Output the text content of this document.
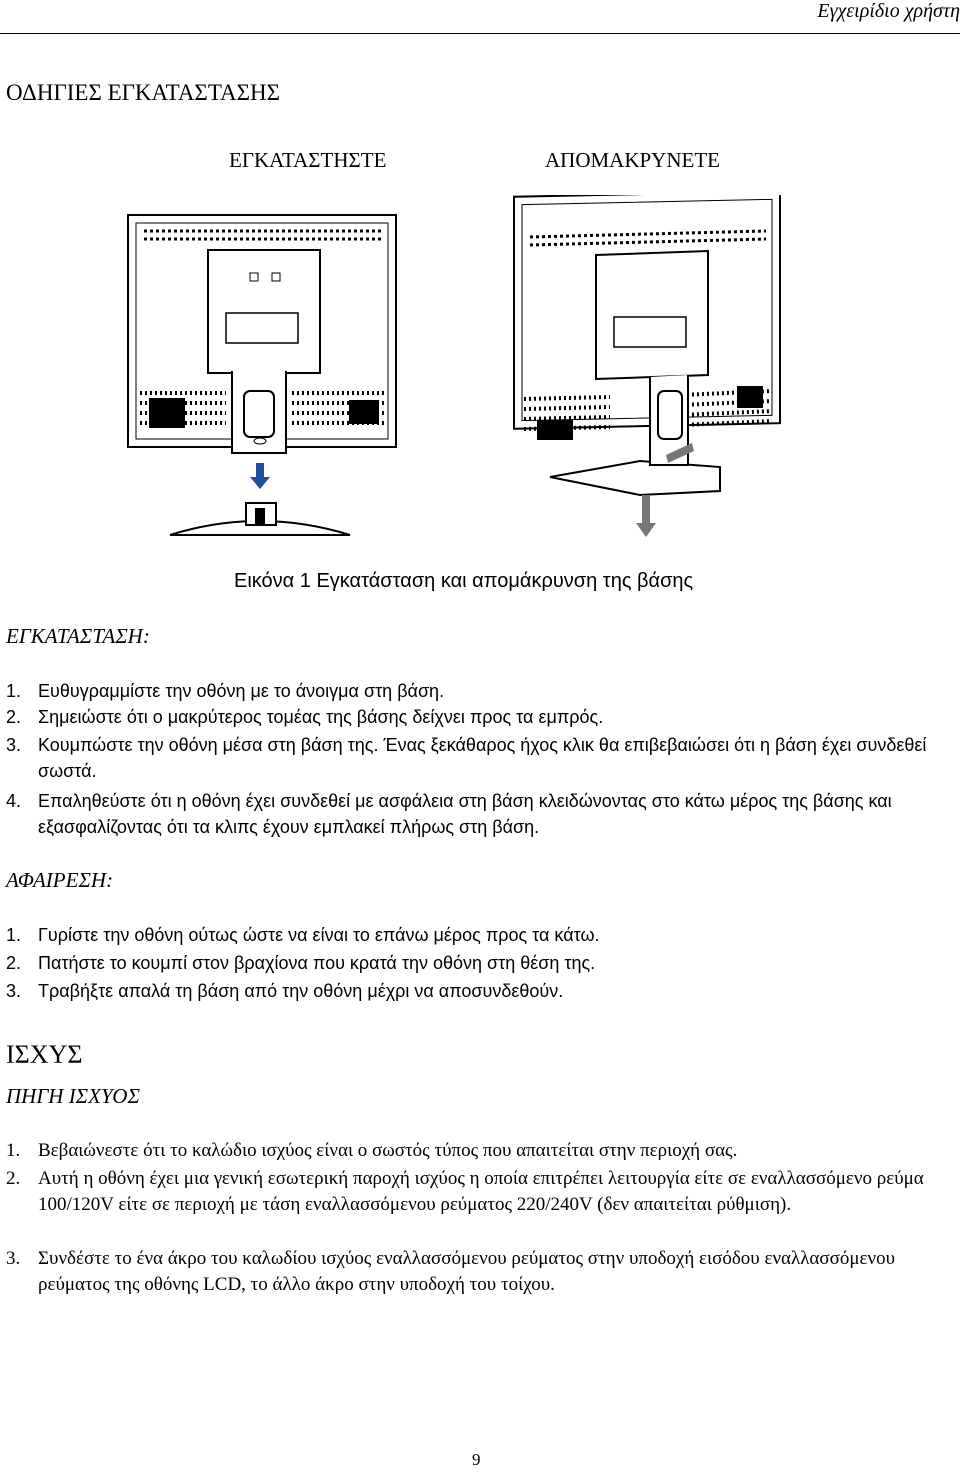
Εγχειρίδιο χρήστη
ΟΔΗΓΙΕΣ ΕΓΚΑΤΑΣΤΑΣΗΣ
ΕΓΚΑΤΑΣΤΗΣΤΕ	ΑΠΟΜΑΚΡΥΝΕΤΕ
Εικόνα 1 Εγκατάσταση και απομάκρυνση της βάσης
ΕΓΚΑΤΑΣΤΑΣΗ:
1. Ευθυγραμμίστε την οθόνη με το άνοιγμα στη βάση.
2. Σημειώστε ότι ο μακρύτερος τομέας της βάσης δείχνει προς τα εμπρός.
3. Κουμπώστε την οθόνη μέσα στη βάση της. Ένας ξεκάθαρος ήχος κλικ θα επιβεβαιώσει ότι η βάση έχει συνδεθεί σωστά.
4. Επαληθεύστε ότι η οθόνη έχει συνδεθεί με ασφάλεια στη βάση κλειδώνοντας στο κάτω μέρος της βάσης και εξασφαλίζοντας ότι τα κλιπς έχουν εμπλακεί πλήρως στη βάση.
ΑΦΑΙΡΕΣΗ:
1. Γυρίστε την οθόνη ούτως ώστε να είναι το επάνω μέρος προς τα κάτω.
2. Πατήστε το κουμπί στον βραχίονα που κρατά την οθόνη στη θέση της.
3. Τραβήξτε απαλά τη βάση από την οθόνη μέχρι να αποσυνδεθούν.
ΙΣΧΥΣ
ΠΗΓΗ ΙΣΧΥΟΣ
1. Βεβαιώνεστε ότι το καλώδιο ισχύος είναι ο σωστός τύπος που απαιτείται στην περιοχή σας.
2. Αυτή η οθόνη έχει μια γενική εσωτερική παροχή ισχύος η οποία επιτρέπει λειτουργία είτε σε εναλλασσόμενο ρεύμα 100/120V είτε σε περιοχή με τάση εναλλασσόμενου ρεύματος 220/240V (δεν απαιτείται ρύθμιση).
3. Συνδέστε το ένα άκρο του καλωδίου ισχύος εναλλασσόμενου ρεύματος στην υποδοχή εισόδου εναλλασσόμενου ρεύματος της οθόνης LCD, το άλλο άκρο στην υποδοχή του τοίχου.
9
